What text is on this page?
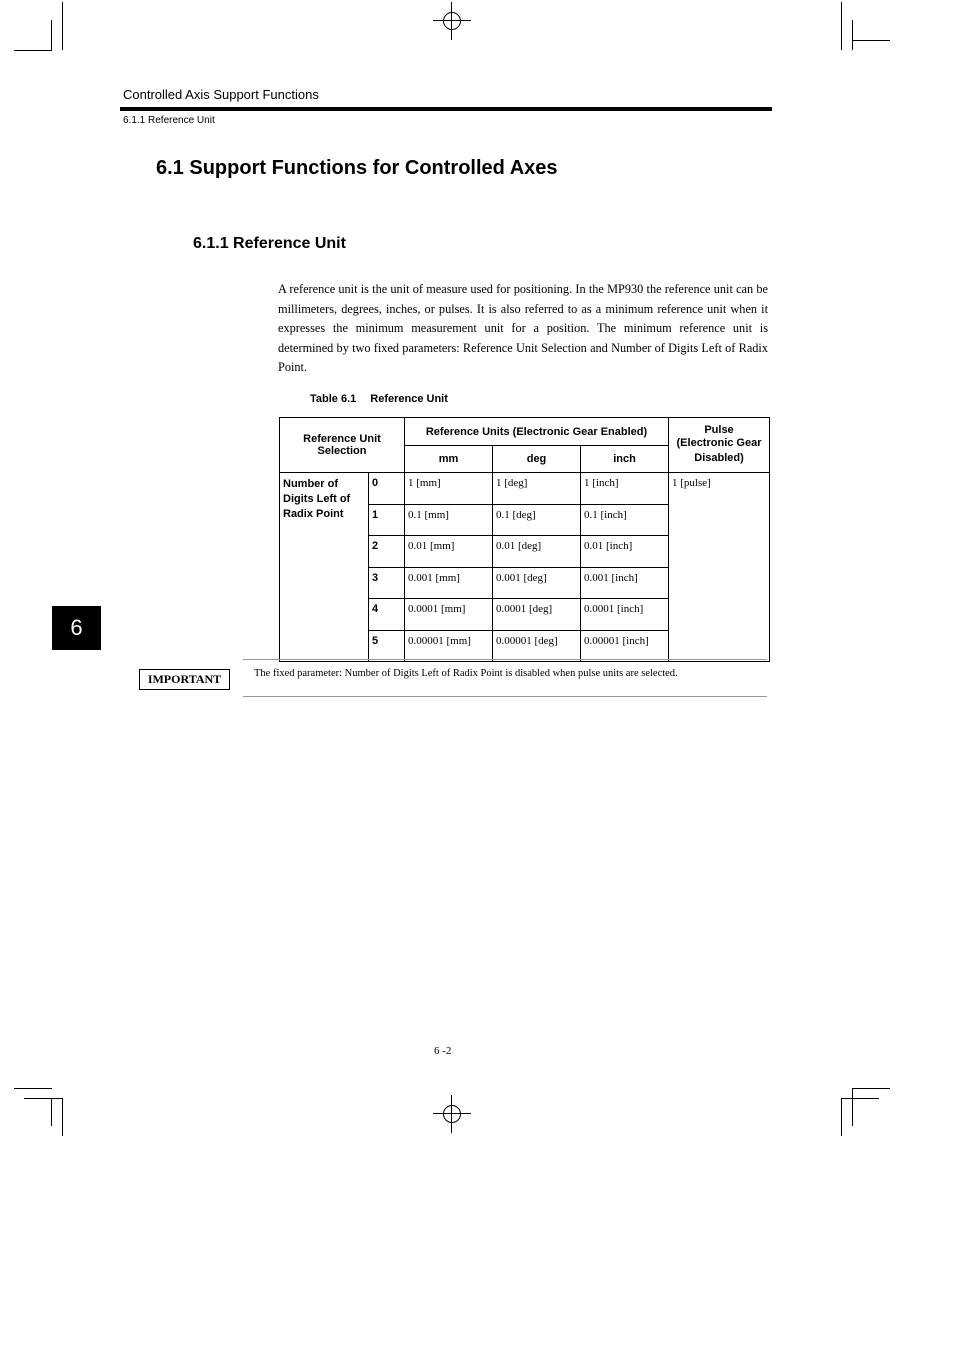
Controlled Axis Support Functions
6.1.1 Reference Unit
6.1 Support Functions for Controlled Axes
6.1.1 Reference Unit
A reference unit is the unit of measure used for positioning. In the MP930 the reference unit can be millimeters, degrees, inches, or pulses. It is also referred to as a minimum reference unit when it expresses the minimum measurement unit for a position. The minimum reference unit is determined by two fixed parameters: Reference Unit Selection and Number of Digits Left of Radix Point.
Table 6.1 Reference Unit
Reference Unit Selection		Reference Units (Electronic Gear Enabled)			Pulse
(Electronic Gear Disabled)

		mm	deg	inch	
Number of Digits Left of Radix Point	0	1 [mm]	1 [deg]	1 [inch]	1 [pulse]
	1	0.1 [mm]	0.1 [deg]	0.1 [inch]	
	2	0.01 [mm]	0.01 [deg]	0.01 [inch]	
	3	0.001 [mm]	0.001 [deg]	0.001 [inch]	
	4	0.0001 [mm]	0.0001 [deg]	0.0001 [inch]	
	5	0.00001 [mm]	0.00001 [deg]	0.00001 [inch]	
6
IMPORTANT	The fixed parameter: Number of Digits Left of Radix Point is disabled when pulse units are selected.
6 -2
